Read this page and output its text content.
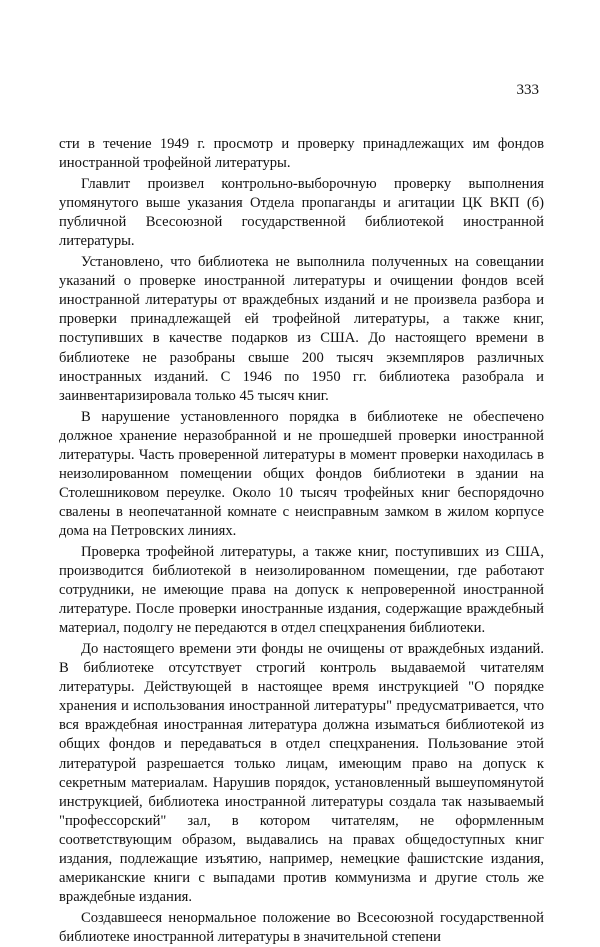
333

сти в течение 1949 г. просмотр и проверку принадлежащих им фондов иностранной трофейной литературы.

Главлит произвел контрольно-выборочную проверку выполнения упомянутого выше указания Отдела пропаганды и агитации ЦК ВКП (б) публичной Всесоюзной государственной библиотекой иностранной литературы.

Установлено, что библиотека не выполнила полученных на совещании указаний о проверке иностранной литературы и очищении фондов всей иностранной литературы от враждебных изданий и не произвела разбора и проверки принадлежащей ей трофейной литературы, а также книг, поступивших в качестве подарков из США. До настоящего времени в библиотеке не разобраны свыше 200 тысяч экземпляров различных иностранных изданий. С 1946 по 1950 гг. библиотека разобрала и заинвентаризировала только 45 тысяч книг.

В нарушение установленного порядка в библиотеке не обеспечено должное хранение неразобранной и не прошедшей проверки иностранной литературы. Часть проверенной литературы в момент проверки находилась в неизолированном помещении общих фондов библиотеки в здании на Столешниковом переулке. Около 10 тысяч трофейных книг беспорядочно свалены в неопечатанной комнате с неисправным замком в жилом корпусе дома на Петровских линиях.

Проверка трофейной литературы, а также книг, поступивших из США, производится библиотекой в неизолированном помещении, где работают сотрудники, не имеющие права на допуск к непроверенной иностранной литературе. После проверки иностранные издания, содержащие враждебный материал, подолгу не передаются в отдел спецхранения библиотеки.

До настоящего времени эти фонды не очищены от враждебных изданий. В библиотеке отсутствует строгий контроль выдаваемой читателям литературы. Действующей в настоящее время инструкцией "О порядке хранения и использования иностранной литературы" предусматривается, что вся враждебная иностранная литература должна изыматься библиотекой из общих фондов и передаваться в отдел спецхранения. Пользование этой литературой разрешается только лицам, имеющим право на допуск к секретным материалам. Нарушив порядок, установленный вышеупомянутой инструкцией, библиотека иностранной литературы создала так называемый "профессорский" зал, в котором читателям, не оформленным соответствующим образом, выдавались на правах общедоступных книг издания, подлежащие изъятию, например, немецкие фашистские издания, американские книги с выпадами против коммунизма и другие столь же враждебные издания.

Создавшееся ненормальное положение во Всесоюзной государственной библиотеке иностранной литературы в значительной степени
